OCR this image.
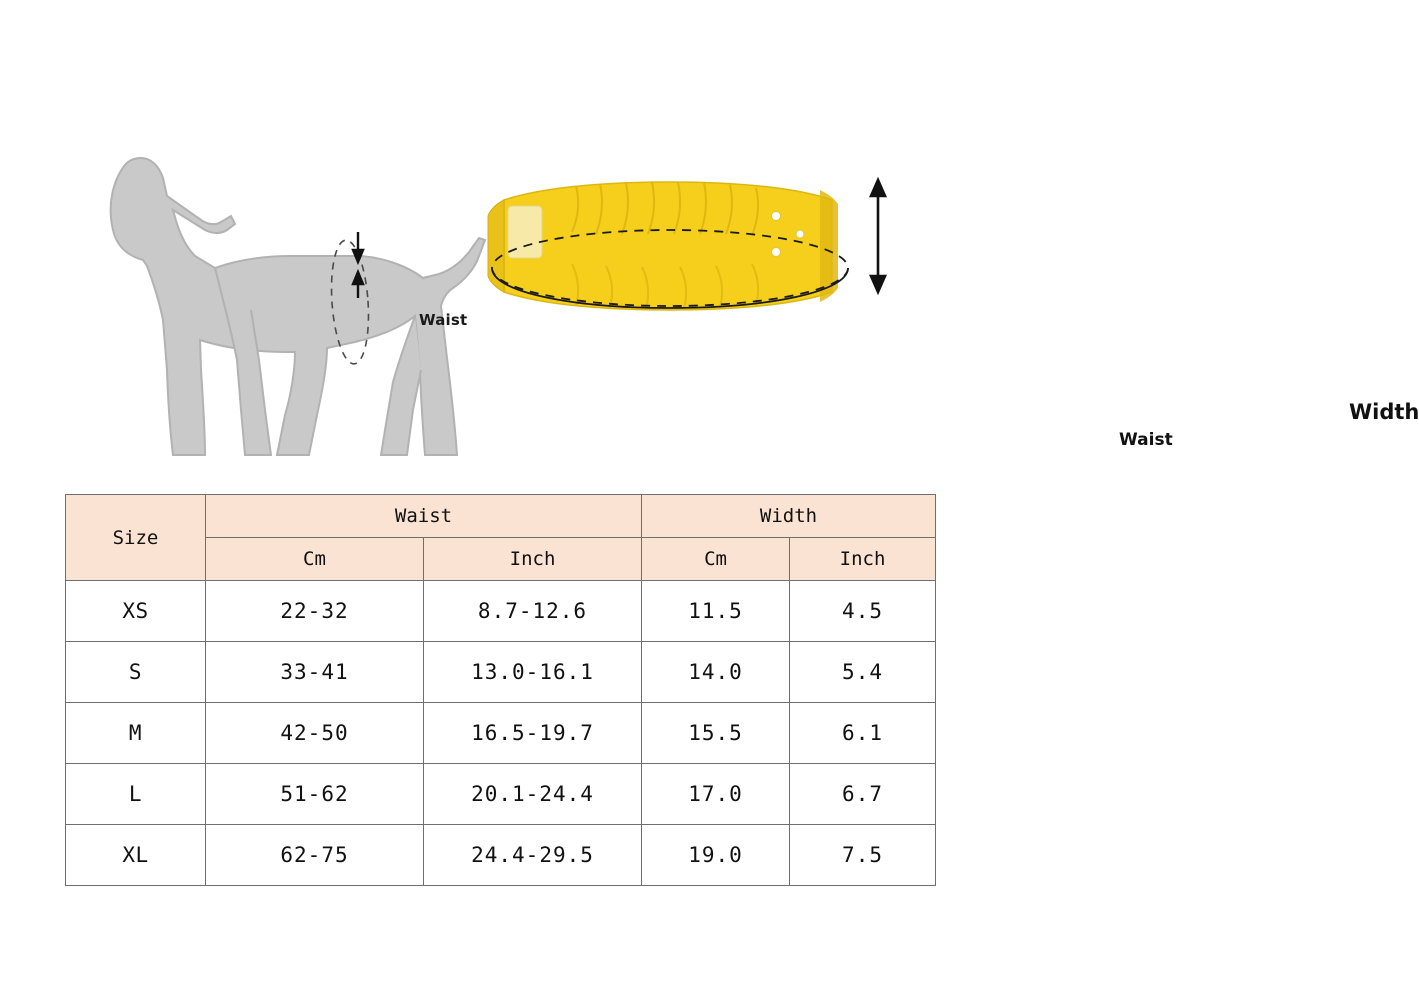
Waist
Waist
Width
Size	Waist		Width	
	Cm	Inch	Cm	Inch
XS	22-32	8.7-12.6	11.5	4.5
S	33-41	13.0-16.1	14.0	5.4
M	42-50	16.5-19.7	15.5	6.1
L	51-62	20.1-24.4	17.0	6.7
XL	62-75	24.4-29.5	19.0	7.5
